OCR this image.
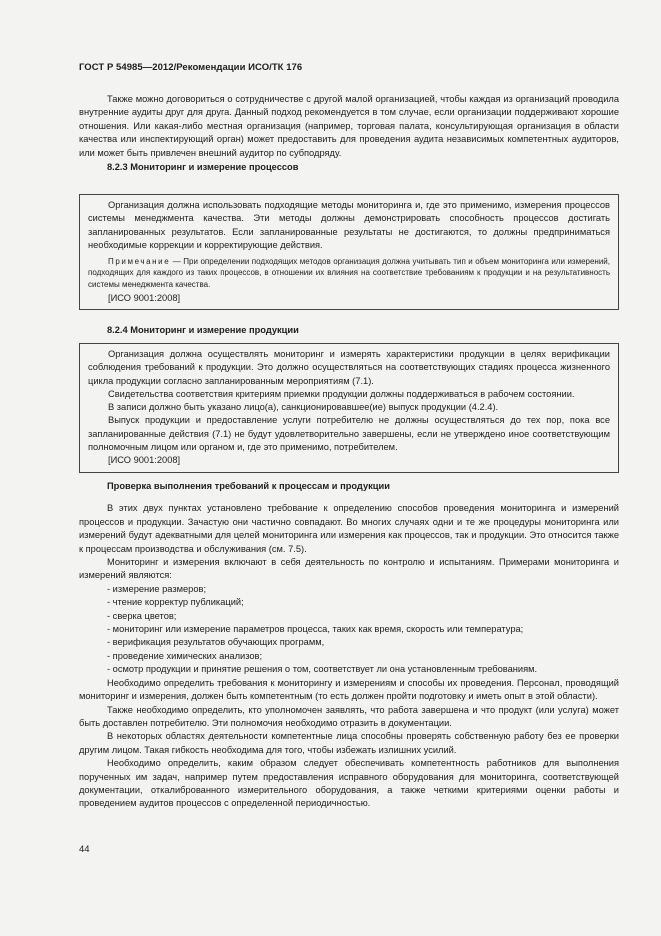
ГОСТ Р 54985—2012/Рекомендации ИСО/ТК 176

Также можно договориться о сотрудничестве с другой малой организацией, чтобы каждая из организаций проводила внутренние аудиты друг для друга. Данный подход рекомендуется в том случае, если организации поддерживают хорошие отношения. Или какая-либо местная организация (например, торговая палата, консультирующая организация в области качества или инспектирующий орган) может предоставить для проведения аудита независимых компетентных аудиторов, или может быть привлечен внешний аудитор по субподряду.

8.2.3 Мониторинг и измерение процессов

Организация должна использовать подходящие методы мониторинга и, где это применимо, измерения процессов системы менеджмента качества. Эти методы должны демонстрировать способность процессов достигать запланированных результатов. Если запланированные результаты не достигаются, то должны предприниматься необходимые коррекции и корректирующие действия.

Примечание — При определении подходящих методов организация должна учитывать тип и объем мониторинга или измерений, подходящих для каждого из таких процессов, в отношении их влияния на соответствие требованиям к продукции и на результативность системы менеджмента качества.

[ИСО 9001:2008]

8.2.4 Мониторинг и измерение продукции

Организация должна осуществлять мониторинг и измерять характеристики продукции в целях верификации соблюдения требований к продукции. Это должно осуществляться на соответствующих стадиях процесса жизненного цикла продукции согласно запланированным мероприятиям (7.1).

Свидетельства соответствия критериям приемки продукции должны поддерживаться в рабочем состоянии.

В записи должно быть указано лицо(а), санкционировавшее(ие) выпуск продукции (4.2.4).

Выпуск продукции и предоставление услуги потребителю не должны осуществляться до тех пор, пока все запланированные действия (7.1) не будут удовлетворительно завершены, если не утверждено иное соответствующим полномочным лицом или органом и, где это применимо, потребителем.

[ИСО 9001:2008]

Проверка выполнения требований к процессам и продукции

В этих двух пунктах установлено требование к определению способов проведения мониторинга и измерений процессов и продукции. Зачастую они частично совпадают. Во многих случаях одни и те же процедуры мониторинга или измерений будут адекватными для целей мониторинга или измерения как процессов, так и продукции. Это относится также к процессам производства и обслуживания (см. 7.5).

Мониторинг и измерения включают в себя деятельность по контролю и испытаниям. Примерами мониторинга и измерений являются:

- измерение размеров;

- чтение корректур публикаций;

- сверка цветов;

- мониторинг или измерение параметров процесса, таких как время, скорость или температура;

- верификация результатов обучающих программ,

- проведение химических анализов;

- осмотр продукции и принятие решения о том, соответствует ли она установленным требованиям.

Необходимо определить требования к мониторингу и измерениям и способы их проведения. Персонал, проводящий мониторинг и измерения, должен быть компетентным (то есть должен пройти подготовку и иметь опыт в этой области).

Также необходимо определить, кто уполномочен заявлять, что работа завершена и что продукт (или услуга) может быть доставлен потребителю. Эти полномочия необходимо отразить в документации.

В некоторых областях деятельности компетентные лица способны проверять собственную работу без ее проверки другим лицом. Такая гибкость необходима для того, чтобы избежать излишних усилий.

Необходимо определить, каким образом следует обеспечивать компетентность работников для выполнения порученных им задач, например путем предоставления исправного оборудования для мониторинга, соответствующей документации, откалиброванного измерительного оборудования, а также четкими критериями оценки работы и проведением аудитов процессов с определенной периодичностью.

44
